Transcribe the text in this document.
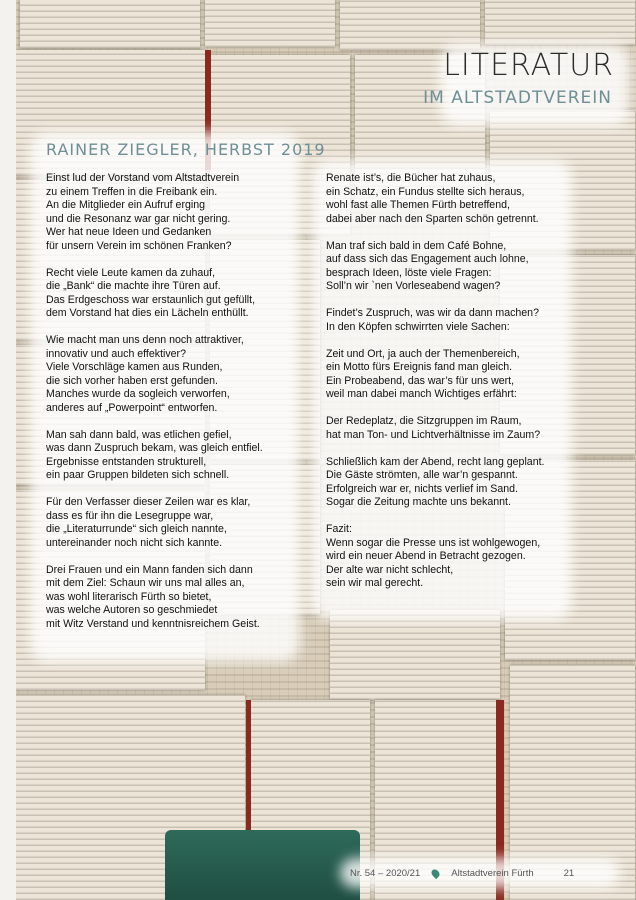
LITERATUR
IM ALTSTADTVEREIN
RAINER ZIEGLER, HERBST 2019

Einst lud der Vorstand vom Altstadtverein
zu einem Treffen in die Freibank ein.
An die Mitglieder ein Aufruf erging
und die Resonanz war gar nicht gering.
Wer hat neue Ideen und Gedanken
für unsern Verein im schönen Franken?

Recht viele Leute kamen da zuhauf,
die „Bank“ die machte ihre Türen auf.
Das Erdgeschoss war erstaunlich gut gefüllt,
dem Vorstand hat dies ein Lächeln enthüllt.

Wie macht man uns denn noch attraktiver,
innovativ und auch effektiver?
Viele Vorschläge kamen aus Runden,
die sich vorher haben erst gefunden.
Manches wurde da sogleich verworfen,
anderes auf „Powerpoint“ entworfen.

Man sah dann bald, was etlichen gefiel,
was dann Zuspruch bekam, was gleich entfiel.
Ergebnisse entstanden strukturell,
ein paar Gruppen bildeten sich schnell.

Für den Verfasser dieser Zeilen war es klar,
dass es für ihn die Lesegruppe war,
die „Literaturrunde“ sich gleich nannte,
untereinander noch nicht sich kannte.

Drei Frauen und ein Mann fanden sich dann
mit dem Ziel: Schaun wir uns mal alles an,
was wohl literarisch Fürth so bietet,
was welche Autoren so geschmiedet
mit Witz Verstand und kenntnisreichem Geist.

Renate ist’s, die Bücher hat zuhaus,
ein Schatz, ein Fundus stellte sich heraus,
wohl fast alle Themen Fürth betreffend,
dabei aber nach den Sparten schön getrennt.

Man traf sich bald in dem Café Bohne,
auf dass sich das Engagement auch lohne,
besprach Ideen, löste viele Fragen:
Soll’n wir `nen Vorleseabend wagen?

Findet’s Zuspruch, was wir da dann machen?
In den Köpfen schwirrten viele Sachen:

Zeit und Ort, ja auch der Themenbereich,
ein Motto fürs Ereignis fand man gleich.
Ein Probeabend, das war’s für uns wert,
weil man dabei manch Wichtiges erfährt:

Der Redeplatz, die Sitzgruppen im Raum,
hat man Ton- und Lichtverhältnisse im Zaum?

Schließlich kam der Abend, recht lang geplant.
Die Gäste strömten, alle war’n gespannt.
Erfolgreich war er, nichts verlief im Sand.
Sogar die Zeitung machte uns bekannt.

Fazit:
Wenn sogar die Presse uns ist wohlgewogen,
wird ein neuer Abend in Betracht gezogen.
Der alte war nicht schlecht,
sein wir mal gerecht.

Nr. 54 – 2020/21	Altstadtverein Fürth	21
